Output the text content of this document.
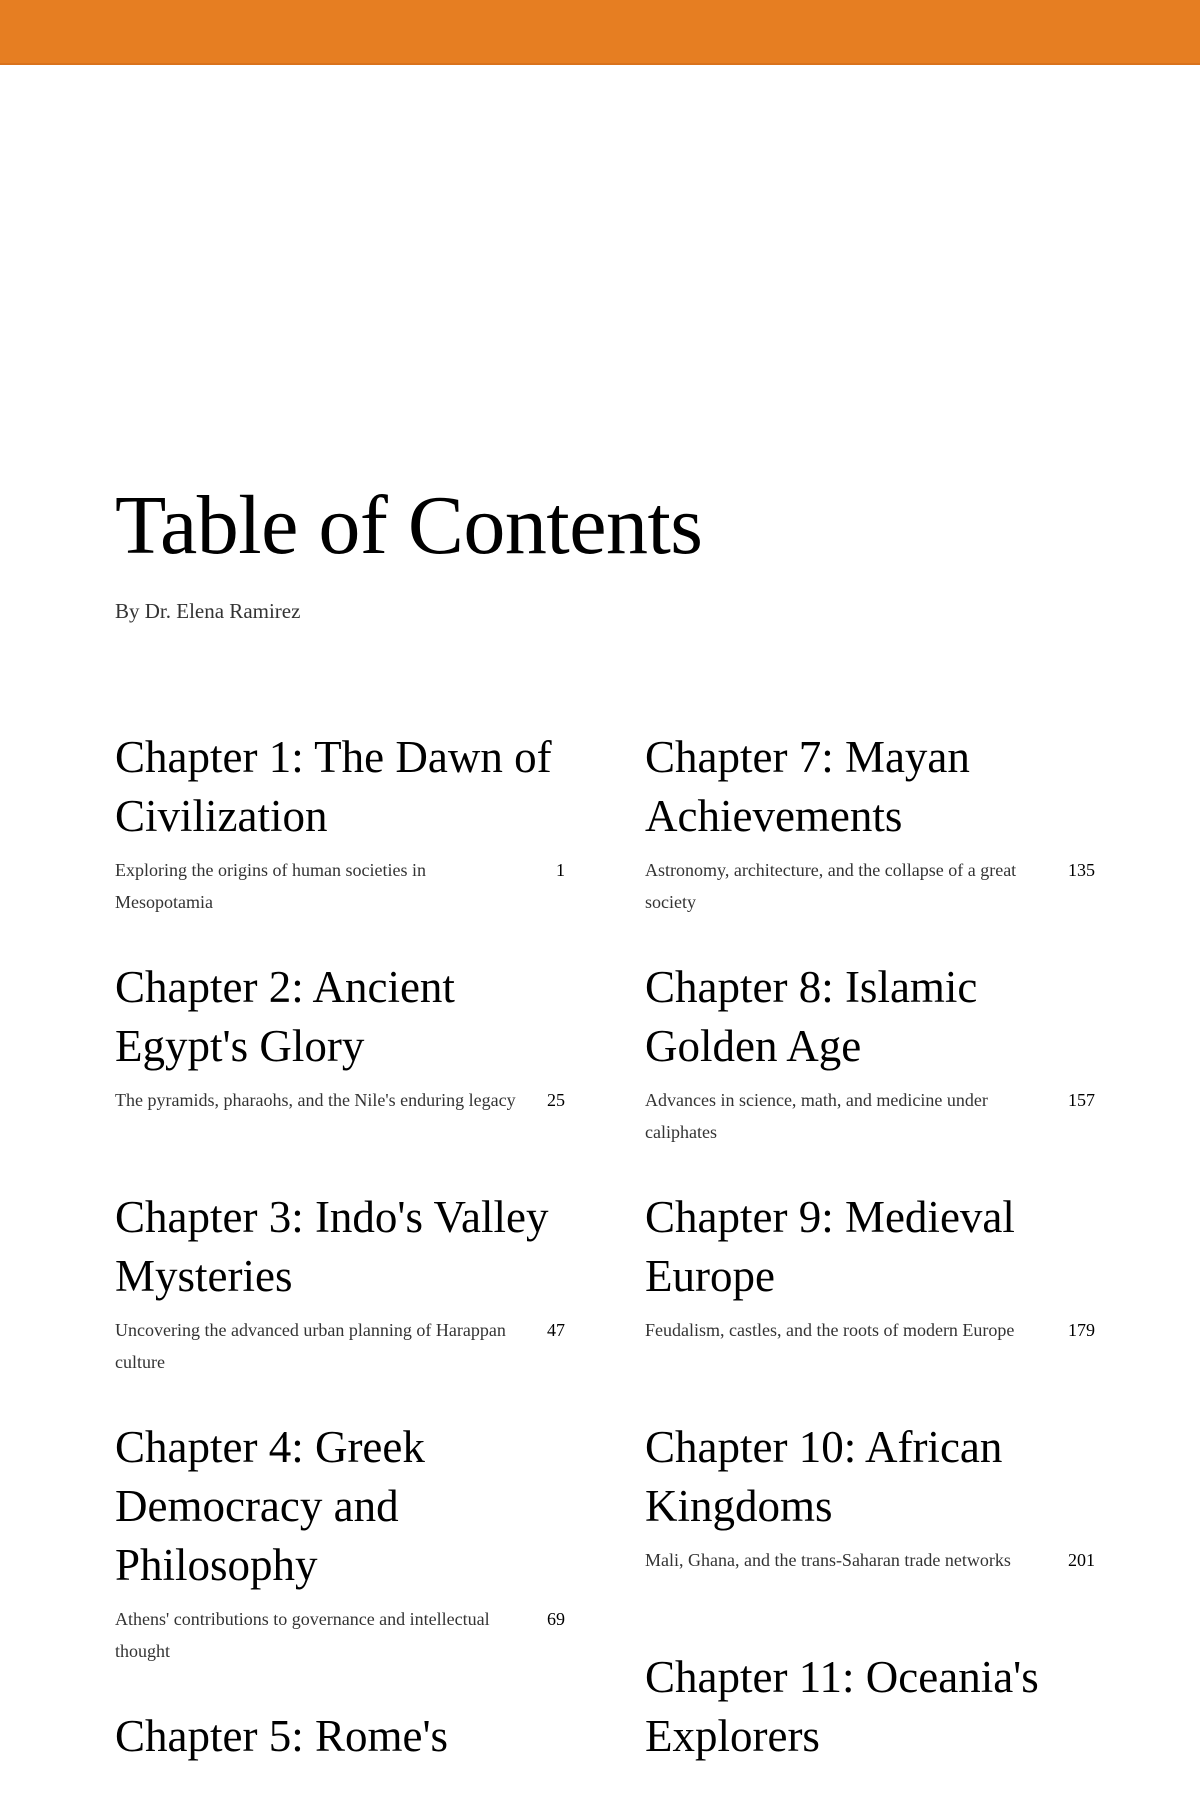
Table of Contents
By Dr. Elena Ramirez
Chapter 1: The Dawn of Civilization
Exploring the origins of human societies in Mesopotamia
1
Chapter 2: Ancient Egypt's Glory
The pyramids, pharaohs, and the Nile's enduring legacy	25
Chapter 3: Indo's Valley Mysteries
Uncovering the advanced urban planning of Harappan culture
47
Chapter 4: Greek Democracy and Philosophy
Athens' contributions to governance and intellectual thought
69
Chapter 5: Rome's
Chapter 7: Mayan Achievements
Astronomy, architecture, and the collapse of a great society
135
Chapter 8: Islamic Golden Age
Advances in science, math, and medicine under caliphates
157
Chapter 9: Medieval Europe
Feudalism, castles, and the roots of modern Europe	179
Chapter 10: African Kingdoms
Mali, Ghana, and the trans-Saharan trade networks	201
Chapter 11: Oceania's Explorers
